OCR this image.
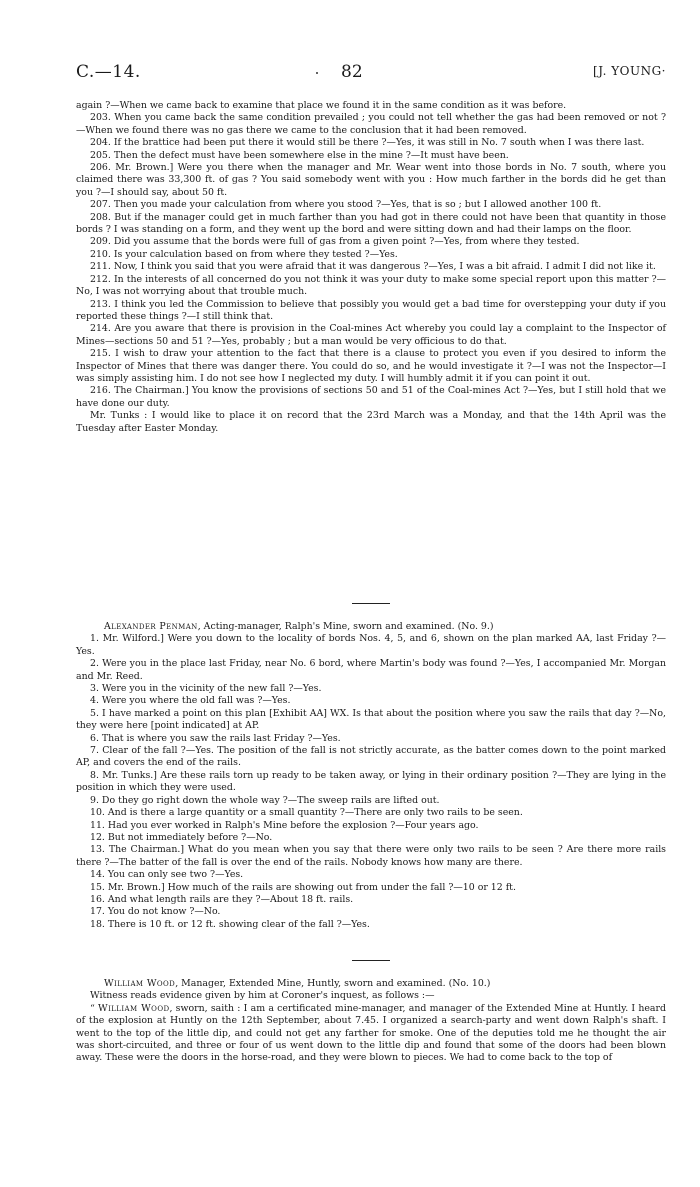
C.—14.	82	[J. YOUNG·

again ?—When we came back to examine that place we found it in the same condition as it was before.

203. When you came back the same condition prevailed ; you could not tell whether the gas had been removed or not ?—When we found there was no gas there we came to the conclusion that it had been removed.

204. If the brattice had been put there it would still be there ?—Yes, it was still in No. 7 south when I was there last.

205. Then the defect must have been somewhere else in the mine ?—It must have been.

206. Mr. Brown.] Were you there when the manager and Mr. Wear went into those bords in No. 7 south, where you claimed there was 33,300 ft. of gas ? You said somebody went with you : How much farther in the bords did he get than you ?—I should say, about 50 ft.

207. Then you made your calculation from where you stood ?—Yes, that is so ; but I allowed another 100 ft.

208. But if the manager could get in much farther than you had got in there could not have been that quantity in those bords ? I was standing on a form, and they went up the bord and were sitting down and had their lamps on the floor.

209. Did you assume that the bords were full of gas from a given point ?—Yes, from where they tested.

210. Is your calculation based on from where they tested ?—Yes.

211. Now, I think you said that you were afraid that it was dangerous ?—Yes, I was a bit afraid. I admit I did not like it.

212. In the interests of all concerned do you not think it was your duty to make some special report upon this matter ?—No, I was not worrying about that trouble much.

213. I think you led the Commission to believe that possibly you would get a bad time for overstepping your duty if you reported these things ?—I still think that.

214. Are you aware that there is provision in the Coal-mines Act whereby you could lay a complaint to the Inspector of Mines—sections 50 and 51 ?—Yes, probably ; but a man would be very officious to do that.

215. I wish to draw your attention to the fact that there is a clause to protect you even if you desired to inform the Inspector of Mines that there was danger there. You could do so, and he would investigate it ?—I was not the Inspector—I was simply assisting him. I do not see how I neglected my duty. I will humbly admit it if you can point it out.

216. The Chairman.] You know the provisions of sections 50 and 51 of the Coal-mines Act ?—Yes, but I still hold that we have done our duty.

Mr. Tunks : I would like to place it on record that the 23rd March was a Monday, and that the 14th April was the Tuesday after Easter Monday.

Alexander Penman, Acting-manager, Ralph's Mine, sworn and examined. (No. 9.)

1. Mr. Wilford.] Were you down to the locality of bords Nos. 4, 5, and 6, shown on the plan marked AA, last Friday ?—Yes.

2. Were you in the place last Friday, near No. 6 bord, where Martin's body was found ?—Yes, I accompanied Mr. Morgan and Mr. Reed.

3. Were you in the vicinity of the new fall ?—Yes.

4. Were you where the old fall was ?—Yes.

5. I have marked a point on this plan [Exhibit AA] WX. Is that about the position where you saw the rails that day ?—No, they were here [point indicated] at AP.

6. That is where you saw the rails last Friday ?—Yes.

7. Clear of the fall ?—Yes. The position of the fall is not strictly accurate, as the batter comes down to the point marked AP, and covers the end of the rails.

8. Mr. Tunks.] Are these rails torn up ready to be taken away, or lying in their ordinary position ?—They are lying in the position in which they were used.

9. Do they go right down the whole way ?—The sweep rails are lifted out.

10. And is there a large quantity or a small quantity ?—There are only two rails to be seen.

11. Had you ever worked in Ralph's Mine before the explosion ?—Four years ago.

12. But not immediately before ?—No.

13. The Chairman.] What do you mean when you say that there were only two rails to be seen ? Are there more rails there ?—The batter of the fall is over the end of the rails. Nobody knows how many are there.

14. You can only see two ?—Yes.

15. Mr. Brown.] How much of the rails are showing out from under the fall ?—10 or 12 ft.

16. And what length rails are they ?—About 18 ft. rails.

17. You do not know ?—No.

18. There is 10 ft. or 12 ft. showing clear of the fall ?—Yes.

William Wood, Manager, Extended Mine, Huntly, sworn and examined. (No. 10.)

Witness reads evidence given by him at Coroner's inquest, as follows :—

“ William Wood, sworn, saith : I am a certificated mine-manager, and manager of the Extended Mine at Huntly. I heard of the explosion at Huntly on the 12th September, about 7.45. I organized a search-party and went down Ralph's shaft. I went to the top of the little dip, and could not get any farther for smoke. One of the deputies told me he thought the air was short-circuited, and three or four of us went down to the little dip and found that some of the doors had been blown away. These were the doors in the horse-road, and they were blown to pieces. We had to come back to the top of
